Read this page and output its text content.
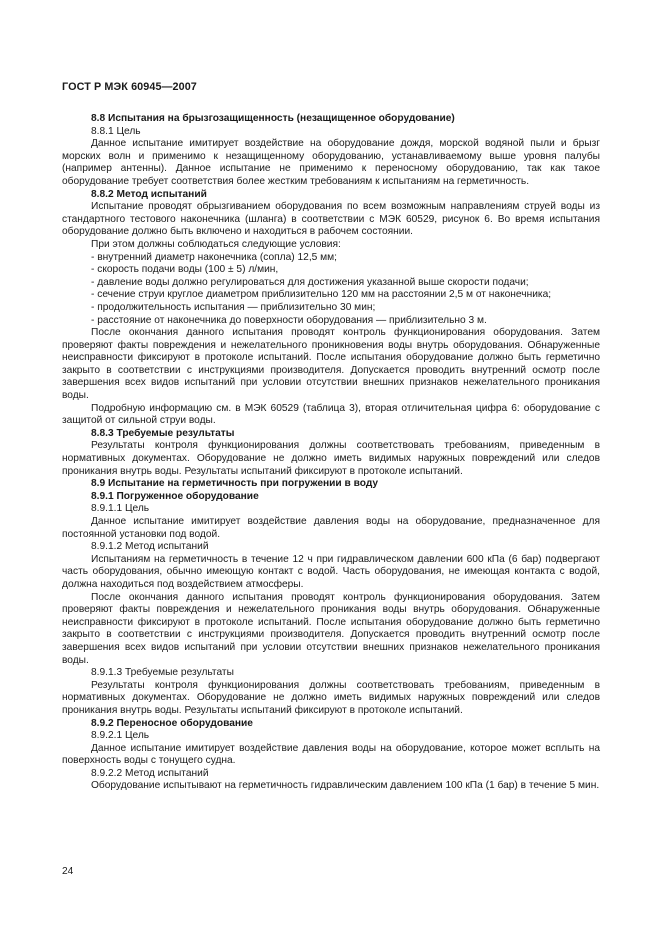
ГОСТ Р МЭК 60945—2007

8.8 Испытания на брызгозащищенность (незащищенное оборудование)

8.8.1 Цель

Данное испытание имитирует воздействие на оборудование дождя, морской водяной пыли и брызг морских волн и применимо к незащищенному оборудованию, устанавливаемому выше уровня палубы (например антенны). Данное испытание не применимо к переносному оборудованию, так как такое оборудование требует соответствия более жестким требованиям к испытаниям на герметичность.

8.8.2 Метод испытаний

Испытание проводят обрызгиванием оборудования по всем возможным направлениям струей воды из стандартного тестового наконечника (шланга) в соответствии с МЭК 60529, рисунок 6. Во время испытания оборудование должно быть включено и находиться в рабочем состоянии.

При этом должны соблюдаться следующие условия:

- внутренний диаметр наконечника (сопла) 12,5 мм;

- скорость подачи воды (100 ± 5) л/мин,

- давление воды должно регулироваться для достижения указанной выше скорости подачи;

- сечение струи круглое диаметром приблизительно 120 мм на расстоянии 2,5 м от наконечника;

- продолжительность испытания — приблизительно 30 мин;

- расстояние от наконечника до поверхности оборудования — приблизительно 3 м.

После окончания данного испытания проводят контроль функционирования оборудования. Затем проверяют факты повреждения и нежелательного проникновения воды внутрь оборудования. Обнаруженные неисправности фиксируют в протоколе испытаний. После испытания оборудование должно быть герметично закрыто в соответствии с инструкциями производителя. Допускается проводить внутренний осмотр после завершения всех видов испытаний при условии отсутствии внешних признаков нежелательного проникания воды.

Подробную информацию см. в МЭК 60529 (таблица 3), вторая отличительная цифра 6: оборудование с защитой от сильной струи воды.

8.8.3 Требуемые результаты

Результаты контроля функционирования должны соответствовать требованиям, приведенным в нормативных документах. Оборудование не должно иметь видимых наружных повреждений или следов проникания внутрь воды. Результаты испытаний фиксируют в протоколе испытаний.

8.9 Испытание на герметичность при погружении в воду

8.9.1 Погруженное оборудование

8.9.1.1 Цель

Данное испытание имитирует воздействие давления воды на оборудование, предназначенное для постоянной установки под водой.

8.9.1.2 Метод испытаний

Испытаниям на герметичность в течение 12 ч при гидравлическом давлении 600 кПа (6 бар) подвергают часть оборудования, обычно имеющую контакт с водой. Часть оборудования, не имеющая контакта с водой, должна находиться под воздействием атмосферы.

После окончания данного испытания проводят контроль функционирования оборудования. Затем проверяют факты повреждения и нежелательного проникания воды внутрь оборудования. Обнаруженные неисправности фиксируют в протоколе испытаний. После испытания оборудование должно быть герметично закрыто в соответствии с инструкциями производителя. Допускается проводить внутренний осмотр после завершения всех видов испытаний при условии отсутствии внешних признаков нежелательного проникания воды.

8.9.1.3 Требуемые результаты

Результаты контроля функционирования должны соответствовать требованиям, приведенным в нормативных документах. Оборудование не должно иметь видимых наружных повреждений или следов проникания внутрь воды. Результаты испытаний фиксируют в протоколе испытаний.

8.9.2 Переносное оборудование

8.9.2.1 Цель

Данное испытание имитирует воздействие давления воды на оборудование, которое может всплыть на поверхность воды с тонущего судна.

8.9.2.2 Метод испытаний

Оборудование испытывают на герметичность гидравлическим давлением 100 кПа (1 бар) в течение 5 мин.

24
